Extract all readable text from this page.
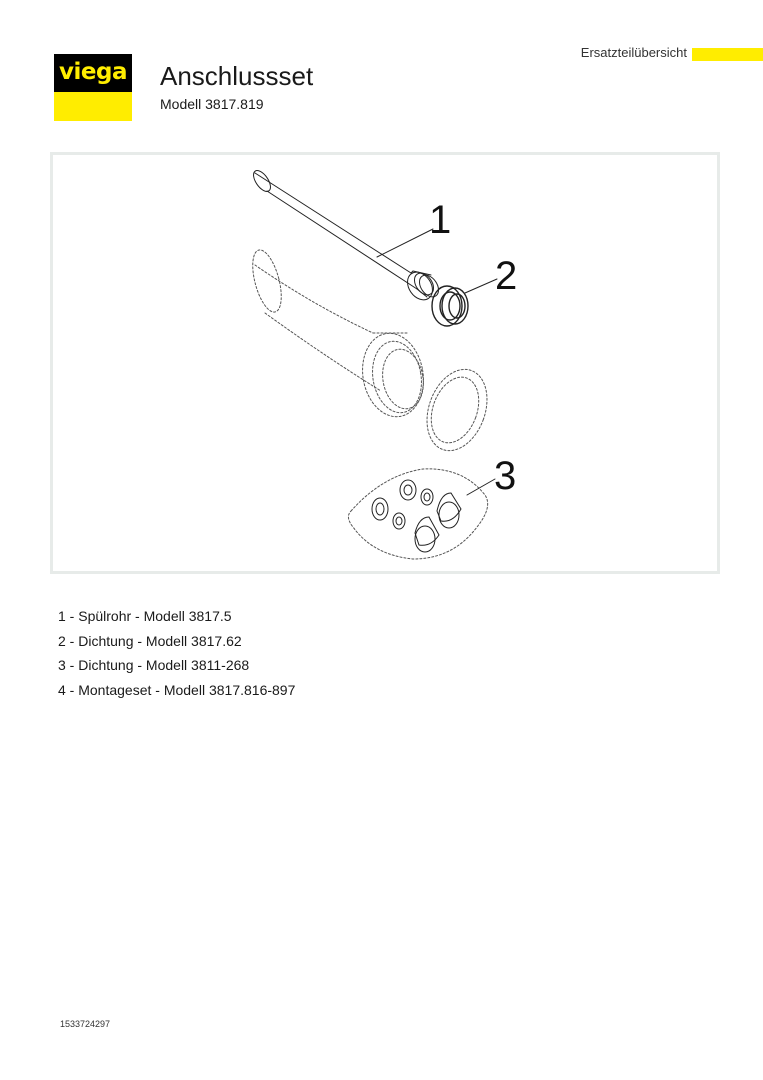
viega Anschlussset
Modell 3817.819
Ersatzteilübersicht
1
2
3
1 - Spülrohr - Modell 3817.5
2 - Dichtung - Modell 3817.62
3 - Dichtung - Modell 3811-268
4 - Montageset - Modell 3817.816-897
1533724297
